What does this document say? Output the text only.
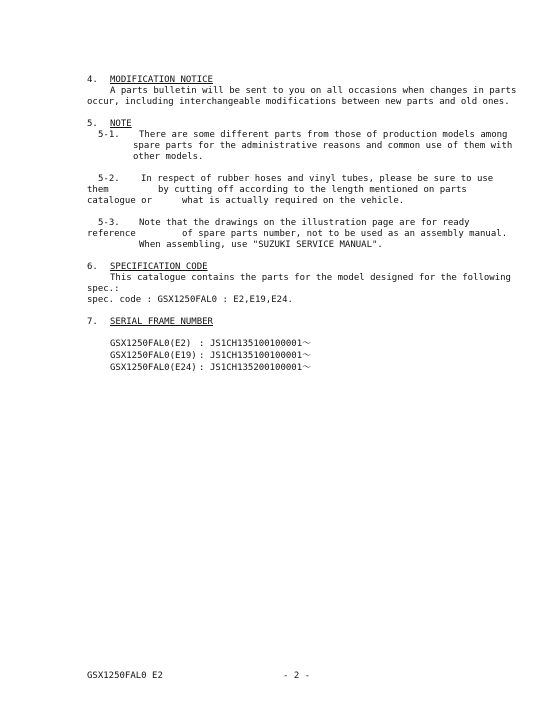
4. MODIFICATION NOTICE
A parts bulletin will be sent to you on all occasions when changes in parts
occur, including interchangeable modifications between new parts and old ones.
5. NOTE
5-1. There are some different parts from those of production models among
spare parts for the administrative reasons and common use of them with
other models.
5-2. In respect of rubber hoses and vinyl tubes, please be sure to use
them	by cutting off according to the length mentioned on parts
catalogue or	what is actually required on the vehicle.
5-3. Note that the drawings on the illustration page are for ready
reference	of spare parts number, not to be used as an assembly manual.
When assembling, use "SUZUKI SERVICE MANUAL".
6. SPECIFICATION CODE
This catalogue contains the parts for the model designed for the following
spec.:
spec. code : GSX1250FAL0 : E2,E19,E24.
7. SERIAL FRAME NUMBER
GSX1250FAL0(E2) : JS1CH135100100001～
GSX1250FAL0(E19) : JS1CH135100100001～
GSX1250FAL0(E24) : JS1CH135200100001～
GSX1250FAL0 E2	- 2 -
